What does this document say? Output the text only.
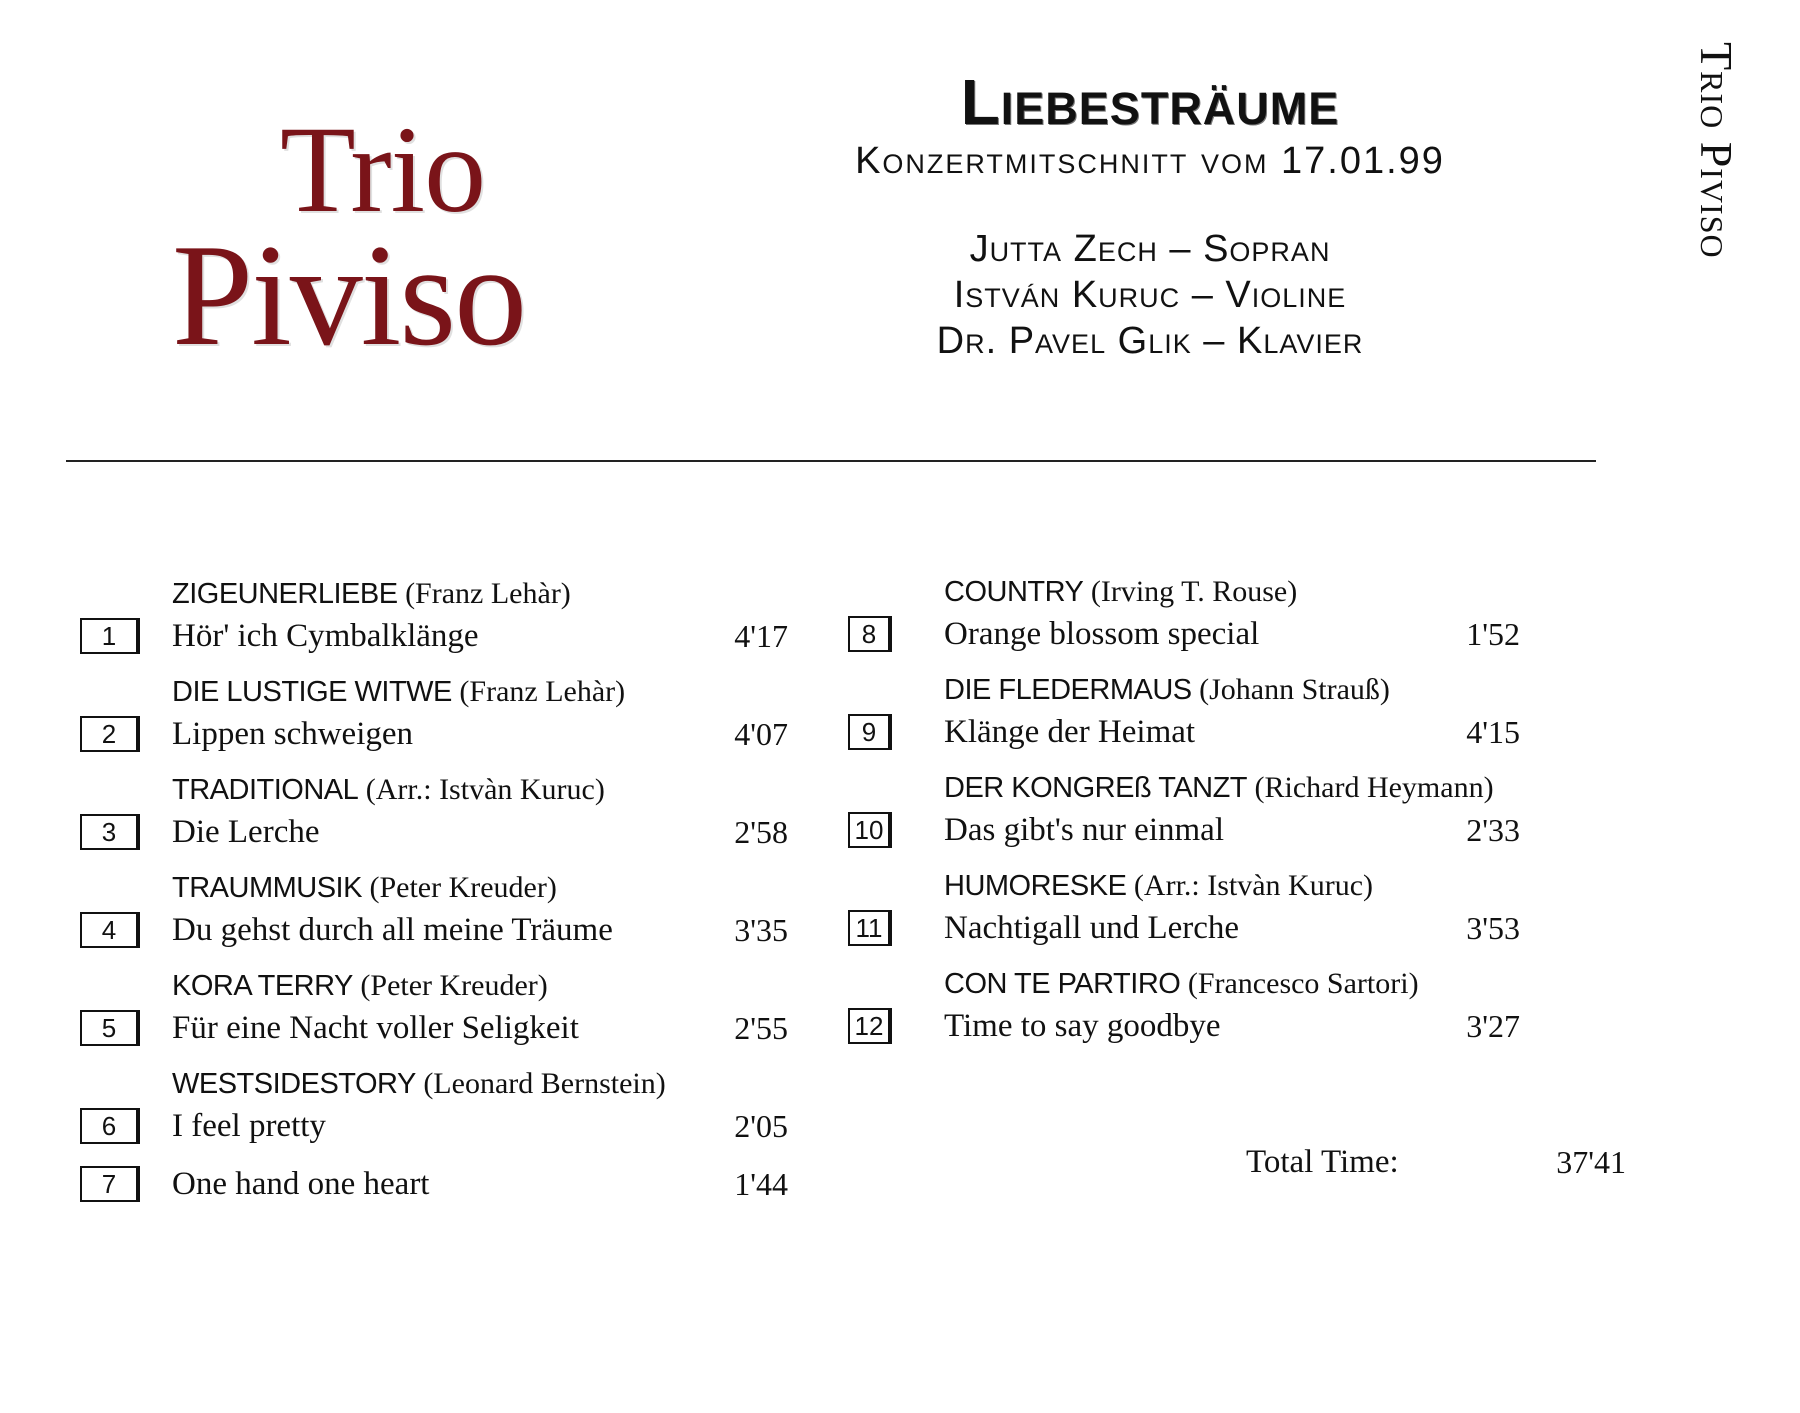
Trio
Piviso
Liebesträume
Konzertmitschnitt vom 17.01.99
Jutta Zech – Sopran
István Kuruc – Violine
Dr. Pavel Glik – Klavier
Trio Piviso
ZIGEUNERLIEBE (Franz Lehàr)
1	Hör' ich Cymbalklänge	4'17
DIE LUSTIGE WITWE (Franz Lehàr)
2	Lippen schweigen	4'07
TRADITIONAL (Arr.: Istvàn Kuruc)
3	Die Lerche	2'58
TRAUMMUSIK (Peter Kreuder)
4	Du gehst durch all meine Träume	3'35
KORA TERRY (Peter Kreuder)
5	Für eine Nacht voller Seligkeit	2'55
WESTSIDESTORY (Leonard Bernstein)
6	I feel pretty	2'05
7	One hand one heart	1'44
COUNTRY (Irving T. Rouse)
8	Orange blossom special	1'52
DIE FLEDERMAUS (Johann Strauß)
9	Klänge der Heimat	4'15
DER KONGREß TANZT (Richard Heymann)
10 Das gibt's nur einmal	2'33
HUMORESKE (Arr.: Istvàn Kuruc)
11 Nachtigall und Lerche	3'53
CON TE PARTIRO (Francesco Sartori)
12 Time to say goodbye	3'27
Total Time:	37'41
